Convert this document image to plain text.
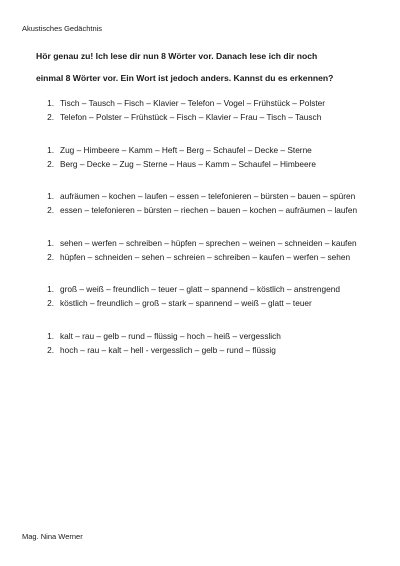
Akustisches Gedächtnis
Hör genau zu! Ich lese dir nun 8 Wörter vor. Danach lese ich dir noch
einmal 8 Wörter vor. Ein Wort ist jedoch anders. Kannst du es erkennen?
1. Tisch – Tausch – Fisch – Klavier – Telefon – Vogel – Frühstück – Polster
2. Telefon – Polster – Frühstück – Fisch – Klavier – Frau – Tisch – Tausch
1. Zug – Himbeere – Kamm – Heft – Berg – Schaufel – Decke – Sterne
2. Berg – Decke – Zug – Sterne – Haus – Kamm – Schaufel – Himbeere
1. aufräumen – kochen – laufen – essen – telefonieren – bürsten – bauen – spüren
2. essen – telefonieren – bürsten – riechen – bauen – kochen – aufräumen – laufen
1. sehen – werfen – schreiben – hüpfen – sprechen – weinen – schneiden – kaufen
2. hüpfen – schneiden – sehen – schreien – schreiben – kaufen – werfen – sehen
1. groß – weiß – freundlich – teuer – glatt – spannend – köstlich – anstrengend
2. köstlich – freundlich – groß – stark – spannend – weiß – glatt – teuer
1. kalt – rau – gelb – rund – flüssig – hoch – heiß – vergesslich
2. hoch – rau – kalt – hell - vergesslich – gelb – rund – flüssig
Mag. Nina Werner
